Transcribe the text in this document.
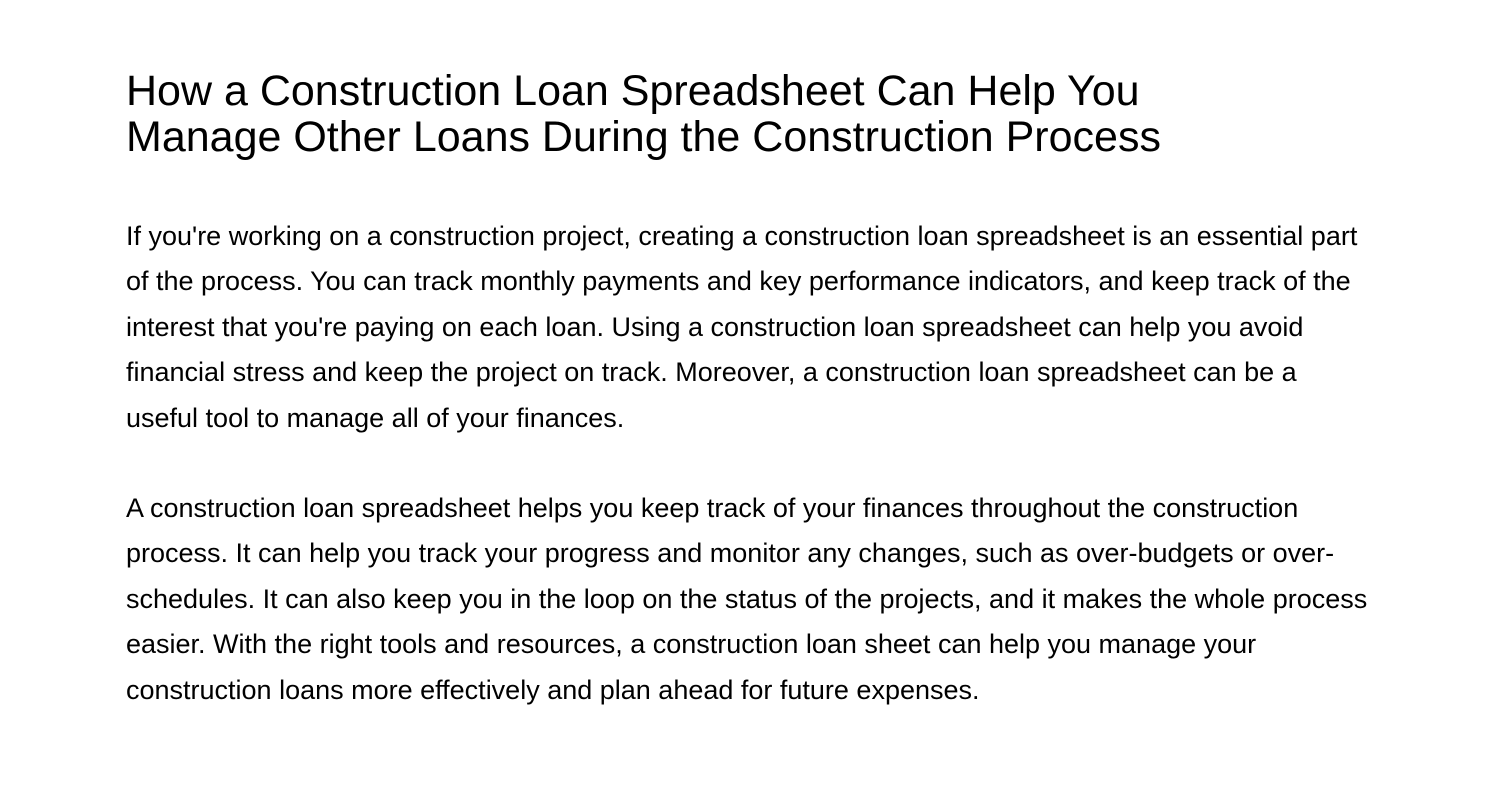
How a Construction Loan Spreadsheet Can Help You Manage Other Loans During the Construction Process

If you're working on a construction project, creating a construction loan spreadsheet is an essential part of the process. You can track monthly payments and key performance indicators, and keep track of the interest that you're paying on each loan. Using a construction loan spreadsheet can help you avoid financial stress and keep the project on track. Moreover, a construction loan spreadsheet can be a useful tool to manage all of your finances.

A construction loan spreadsheet helps you keep track of your finances throughout the construction process. It can help you track your progress and monitor any changes, such as over-budgets or over-schedules. It can also keep you in the loop on the status of the projects, and it makes the whole process easier. With the right tools and resources, a construction loan sheet can help you manage your construction loans more effectively and plan ahead for future expenses.
